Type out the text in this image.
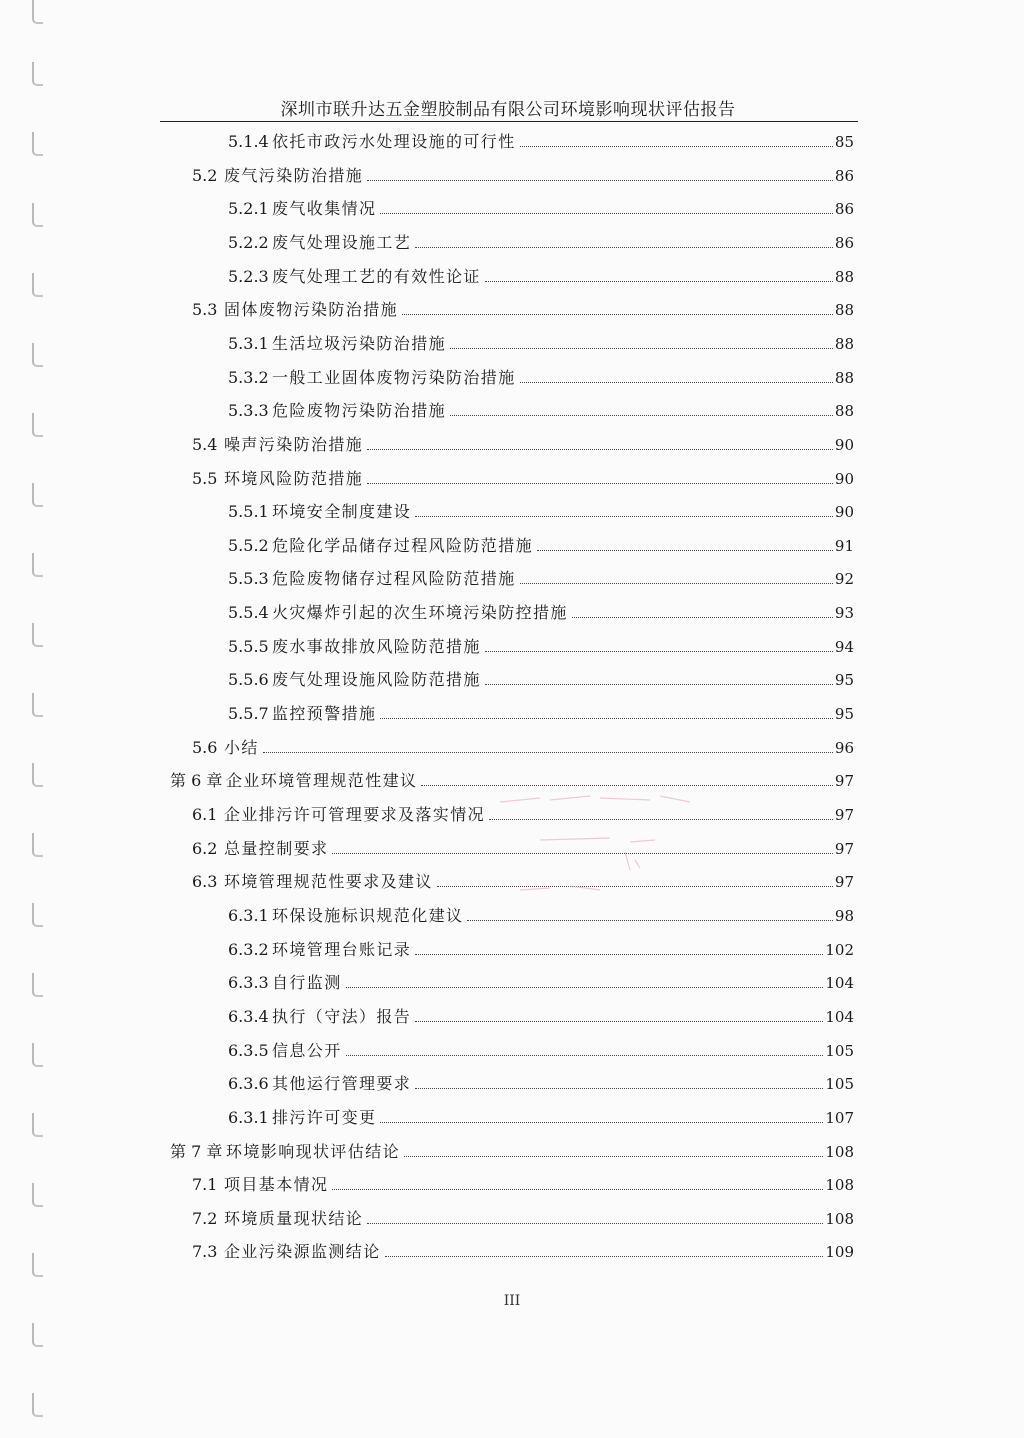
深圳市联升达五金塑胶制品有限公司环境影响现状评估报告
5.1.4 依托市政污水处理设施的可行性	85
5.2 废气污染防治措施	86
5.2.1 废气收集情况	86
5.2.2 废气处理设施工艺	86
5.2.3 废气处理工艺的有效性论证	88
5.3 固体废物污染防治措施	88
5.3.1 生活垃圾污染防治措施	88
5.3.2 一般工业固体废物污染防治措施	88
5.3.3 危险废物污染防治措施	88
5.4 噪声污染防治措施	90
5.5 环境风险防范措施	90
5.5.1 环境安全制度建设	90
5.5.2 危险化学品储存过程风险防范措施	91
5.5.3 危险废物储存过程风险防范措施	92
5.5.4 火灾爆炸引起的次生环境污染防控措施	93
5.5.5 废水事故排放风险防范措施	94
5.5.6 废气处理设施风险防范措施	95
5.5.7 监控预警措施	95
5.6 小结	96
第 6 章 企业环境管理规范性建议	97
6.1 企业排污许可管理要求及落实情况	97
6.2 总量控制要求	97
6.3 环境管理规范性要求及建议	97
6.3.1 环保设施标识规范化建议	98
6.3.2 环境管理台账记录	102
6.3.3 自行监测	104
6.3.4 执行（守法）报告	104
6.3.5 信息公开	105
6.3.6 其他运行管理要求	105
6.3.1 排污许可变更	107
第 7 章 环境影响现状评估结论	108
7.1 项目基本情况	108
7.2 环境质量现状结论	108
7.3 企业污染源监测结论	109
III
